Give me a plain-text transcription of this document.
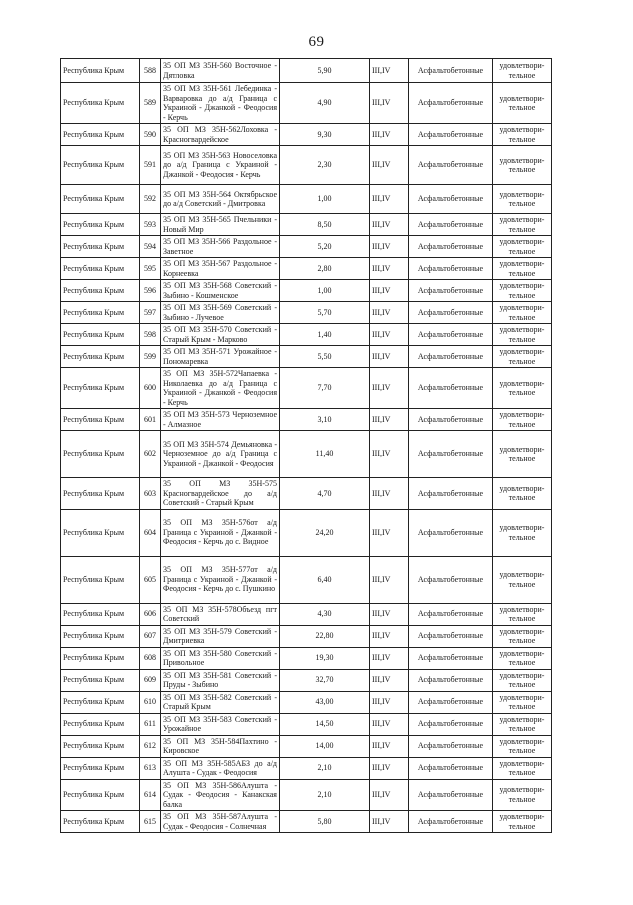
69
Республика Крым	588	35 ОП МЗ 35Н-560 Восточное - Дятловка	5,90	III,IV	Асфальтобетонные	удовлетвори-тельное
Республика Крым	589	35 ОП МЗ 35Н-561 Лебединка - Варваровка до а/д Граница с Украиной - Джанкой - Феодосия - Керчь	4,90	III,IV	Асфальтобетонные	удовлетвори-тельное
Республика Крым	590	35 ОП МЗ 35Н-562Лоховка - Красногвардейское	9,30	III,IV	Асфальтобетонные	удовлетвори-тельное
Республика Крым	591	35 ОП МЗ 35Н-563 Новоселовка до а/д Граница с Украиной - Джанкой - Феодосия - Керчь	2,30	III,IV	Асфальтобетонные	удовлетвори-тельное
Республика Крым	592	35 ОП МЗ 35Н-564 Октябрьское до а/д Советский - Дмитровка	1,00	III,IV	Асфальтобетонные	удовлетвори-тельное
Республика Крым	593	35 ОП МЗ 35Н-565 Пчельники - Новый Мир	8,50	III,IV	Асфальтобетонные	удовлетвори-тельное
Республика Крым	594	35 ОП МЗ 35Н-566 Раздольное - Заветное	5,20	III,IV	Асфальтобетонные	удовлетвори-тельное
Республика Крым	595	35 ОП МЗ 35Н-567 Раздольное - Корнеевка	2,80	III,IV	Асфальтобетонные	удовлетвори-тельное
Республика Крым	596	35 ОП МЗ 35Н-568 Советский - Зыбино - Кошменское	1,00	III,IV	Асфальтобетонные	удовлетвори-тельное
Республика Крым	597	35 ОП МЗ 35Н-569 Советский - Зыбино - Лучевое	5,70	III,IV	Асфальтобетонные	удовлетвори-тельное
Республика Крым	598	35 ОП МЗ 35Н-570 Советский - Старый Крым - Марково	1,40	III,IV	Асфальтобетонные	удовлетвори-тельное
Республика Крым	599	35 ОП МЗ 35Н-571 Урожайное - Пономаревка	5,50	III,IV	Асфальтобетонные	удовлетвори-тельное
Республика Крым	600	35 ОП МЗ 35Н-572Чапаевка - Николаевка до а/д Граница с Украиной - Джанкой - Феодосия - Керчь	7,70	III,IV	Асфальтобетонные	удовлетвори-тельное
Республика Крым	601	35 ОП МЗ 35Н-573 Черноземное - Алмазное	3,10	III,IV	Асфальтобетонные	удовлетвори-тельное
Республика Крым	602	35 ОП МЗ 35Н-574 Демьяновка - Черноземное до а/д Граница с Украиной - Джанкой - Феодосия	11,40	III,IV	Асфальтобетонные	удовлетвори-тельное
Республика Крым	603	35 ОП МЗ 35Н-575 Красногвардейское до а/д Советский - Старый Крым	4,70	III,IV	Асфальтобетонные	удовлетвори-тельное
Республика Крым	604	35 ОП МЗ 35Н-576от а/д Граница с Украиной - Джанкой - Феодосия - Керчь до с. Видное	24,20	III,IV	Асфальтобетонные	удовлетвори-тельное
Республика Крым	605	35 ОП МЗ 35Н-577от а/д Граница с Украиной - Джанкой - Феодосия - Керчь до с. Пушкино	6,40	III,IV	Асфальтобетонные	удовлетвори-тельное
Республика Крым	606	35 ОП МЗ 35Н-578Объезд пгт Советский	4,30	III,IV	Асфальтобетонные	удовлетвори-тельное
Республика Крым	607	35 ОП МЗ 35Н-579 Советский - Дмитриевка	22,80	III,IV	Асфальтобетонные	удовлетвори-тельное
Республика Крым	608	35 ОП МЗ 35Н-580 Советский - Привольное	19,30	III,IV	Асфальтобетонные	удовлетвори-тельное
Республика Крым	609	35 ОП МЗ 35Н-581 Советский - Пруды - Зыбино	32,70	III,IV	Асфальтобетонные	удовлетвори-тельное
Республика Крым	610	35 ОП МЗ 35Н-582 Советский - Старый Крым	43,00	III,IV	Асфальтобетонные	удовлетвори-тельное
Республика Крым	611	35 ОП МЗ 35Н-583 Советский - Урожайное	14,50	III,IV	Асфальтобетонные	удовлетвори-тельное
Республика Крым	612	35 ОП МЗ 35Н-584Пахтино - Кировское	14,00	III,IV	Асфальтобетонные	удовлетвори-тельное
Республика Крым	613	35 ОП МЗ 35Н-585АБЗ до а/д Алушта - Судак - Феодосия	2,10	III,IV	Асфальтобетонные	удовлетвори-тельное
Республика Крым	614	35 ОП МЗ 35Н-586Алушта - Судак - Феодосия - Канакская балка	2,10	III,IV	Асфальтобетонные	удовлетвори-тельное
Республика Крым	615	35 ОП МЗ 35Н-587Алушта - Судак - Феодосия - Солнечная	5,80	III,IV	Асфальтобетонные	удовлетвори-тельное
